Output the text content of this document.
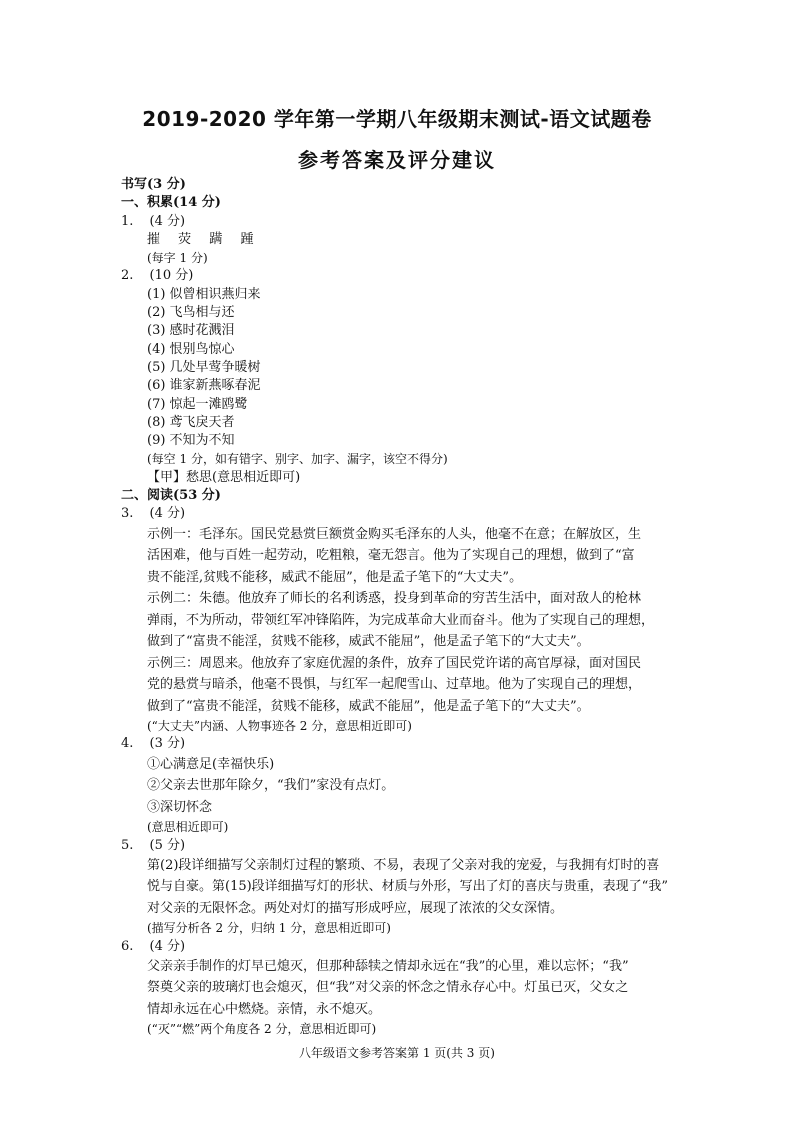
2019-2020 学年第一学期八年级期末测试-语文试题卷
参考答案及评分建议
书写(3 分)
一、积累(14 分)
1. (4 分)
摧 荧 蹒 踵
(每字 1 分)
2. (10 分)
(1) 似曾相识燕归来
(2) 飞鸟相与还
(3) 感时花溅泪
(4) 恨别鸟惊心
(5) 几处早莺争暖树
(6) 谁家新燕啄春泥
(7) 惊起一滩鸥鹭
(8) 鸢飞戾天者
(9) 不知为不知
(每空 1 分，如有错字、别字、加字、漏字，该空不得分)
【甲】愁思(意思相近即可)
二、阅读(53 分)
3. (4 分)
示例一：毛泽东。国民党悬赏巨额赏金购买毛泽东的人头，他毫不在意；在解放区，生
活困难，他与百姓一起劳动，吃粗粮，毫无怨言。他为了实现自己的理想，做到了“富
贵不能淫,贫贱不能移，威武不能屈”，他是孟子笔下的“大丈夫”。
示例二：朱德。他放弃了师长的名利诱惑，投身到革命的穷苦生活中，面对敌人的枪林
弹雨，不为所动，带领红军冲锋陷阵，为完成革命大业而奋斗。他为了实现自己的理想，
做到了“富贵不能淫，贫贱不能移，威武不能屈”，他是孟子笔下的“大丈夫”。
示例三：周恩来。他放弃了家庭优渥的条件，放弃了国民党许诺的高官厚禄，面对国民
党的悬赏与暗杀，他毫不畏惧，与红军一起爬雪山、过草地。他为了实现自己的理想，
做到了“富贵不能淫，贫贱不能移，威武不能屈”，他是孟子笔下的“大丈夫”。
(“大丈夫”内涵、人物事迹各 2 分，意思相近即可)
4. (3 分)
①心满意足(幸福快乐)
②父亲去世那年除夕，“我们”家没有点灯。
③深切怀念
(意思相近即可)
5. (5 分)
第(2)段详细描写父亲制灯过程的繁琐、不易，表现了父亲对我的宠爱，与我拥有灯时的喜
悦与自豪。第(15)段详细描写灯的形状、材质与外形，写出了灯的喜庆与贵重，表现了“我”
对父亲的无限怀念。两处对灯的描写形成呼应，展现了浓浓的父女深情。
(描写分析各 2 分，归纳 1 分，意思相近即可)
6. (4 分)
父亲亲手制作的灯早已熄灭，但那种舔犊之情却永远在“我”的心里，难以忘怀；“我”
祭奠父亲的玻璃灯也会熄灭，但“我”对父亲的怀念之情永存心中。灯虽已灭，父女之
情却永远在心中燃烧。亲情，永不熄灭。
(“灭”“燃”两个角度各 2 分，意思相近即可)
八年级语文参考答案第 1 页(共 3 页)
